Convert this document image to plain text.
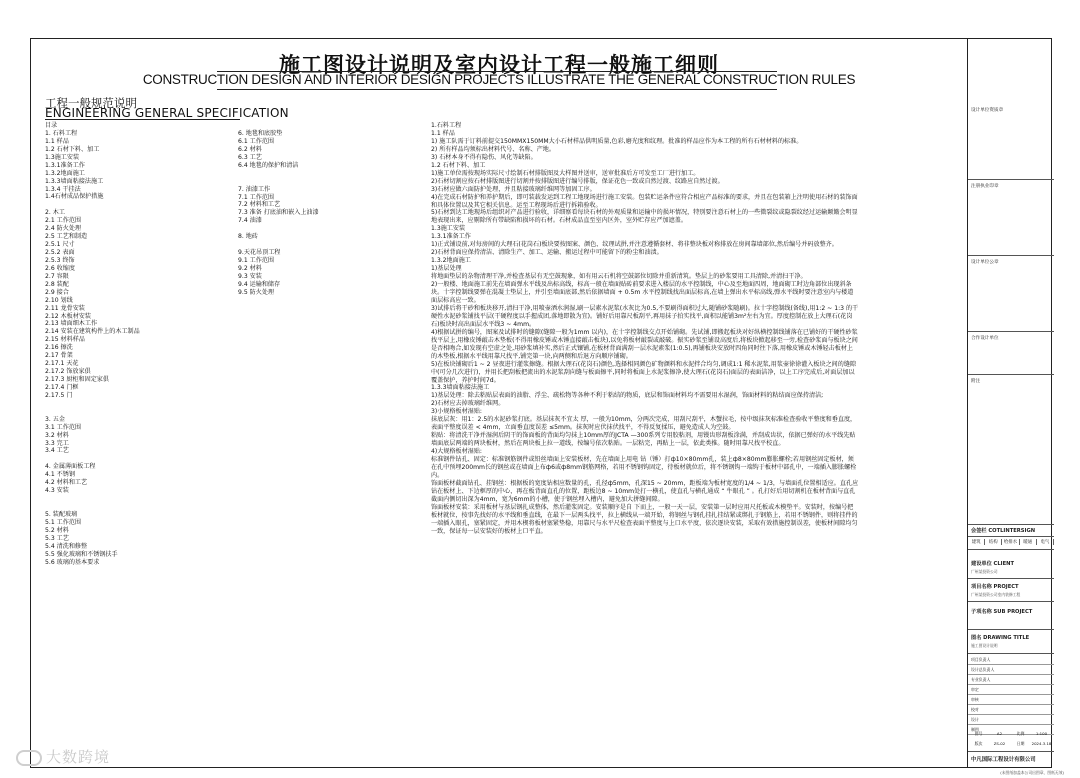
施工图设计说明及室内设计工程一般施工细则
CONSTRUCTION DESIGN AND INTERIOR DESIGN PROJECTS ILLUSTRATE THE GENERAL CONSTRUCTION RULES
工程一般规范说明
ENGINEERING GENERAL SPECIFICATION
目录
1. 石料工程
1.1 样品
1.2 石材下料、加工
1.3施工安装
1.3.1准备工作
1.3.2地面施工
1.3.3墙面粘接法施工
1.3.4 干挂法
1.4石材成品保护措施
2. 木工
2.1 工作范围
2.4 防火处理
2.5 工艺和制造
2.5.1 尺寸
2.5.2 表面
2.5.3 终饰
2.6 收缩度
2.7 容限
2.8 装配
2.9 接合
2.10 划线
2.11 龙骨安装
2.12 木板材安装
2.13 墙面细木工作
2.14 安装在建筑构件上的木工制品
2.15 材料样品
2.16 擦洗
2.17 骨架
2.17.1 天花
2.17.2 饰放家俱
2.17.3 厨柜和固定家俱
2.17.4 门框
2.17.5 门
3. 五金
3.1 工作范围
3.2 材料
3.3 完工
3.4 工艺
4. 金属薄面板工程
4.1 不锈钢
4.2 材料和工艺
4.3 安装
5. 装配玻璃
5.1 工作范围
5.2 材料
5.3 工艺
5.4 清洗和修整
5.5 强化玻璃和不锈钢扶手
5.6 玻璃的基本要求
6. 地毯和底胶垫
6.1 工作范围
6.2 材料
6.3 工艺
6.4 地毯的保护和清洁
7. 油漆工作
7.1 工作范围
7.2 材料和工艺
7.3 准备 打底油和嵌入上油漆
7.4 油漆
8. 地砖
9.天花吊顶工程
9.1 工作范围
9.2 材料
9.3 安装
9.4 运输和储存
9.5 防火处理
1.石料工程
1.1 样品
1) 施工队需于订料前提交150MMX150MM大小石材样品供明质量,色彩,磨光度和纹理。批准的样品应作为本工程的所有石材材料的标准。
2) 所有样品均须标出材料代号、名称、产地。
3) 石材本身不得有隐伤、风化等缺陷。
1.2 石材下料、加工
1)施工单位需按现场实际尺寸绘制石材排版图及大样图并送审，送审批准后方可发至工厂进行加工。
2)石材切割应按石材排版图进行切割并按排版图进行编号排版，保证花色一致或自然过渡、纹路应自然过渡。
3)石材应做六面防护处理，并且粘接玻璃纤维网等加固工序。
4)在完成石材防护和养护期后，即可装载发运到工程工地现场进行施工安装。包装贮运条件应符合相应产品标准的要求，并且在包装箱上注明使用石材的装饰面和具体位置以及其它相关信息。运至工程现场后进行拆箱验收。
5)石材到达工地现场后组织对产品进行验收，详细察看每块石材的外观质量和运输中的损坏情况，特别要注意石材上的一些微裂纹或隐裂纹经过运输颠簸会明显地表现出来，应剔除所有带缺陷和损坏的石材。石材成品直至室内区外，室外贮存应严加遮盖。
1.3施工安装
1.3.1准备工作
1)正式铺设前,对每房间的大理石(花岗石)板块要按图案、颜色、纹理试拼,并注意遵循套材、将非整块板对称排放在房间靠墙部位,然后编号并码放整齐。
2)石材背面应保持清洁、清除生产、加工、运输、搬运过程中可能留下的粉尘和油渍。
1.3.2地面施工
1)基层处理
将地面垫层的杂物清理干净,并检查基层有无空鼓现象，如有用云石机将空鼓部位切除并重新清筑。垫层上的砂浆要用工具清除,并清扫干净。
2)一般楼、地面施工前先在墙面弹水平线及出标高线，标高一般在墙面贴砖前要求进入楼层的水平控制线，中心及至地面四周，地面砌工时边角部位出现斜条块。十字控制线要弹在混凝土垫层上，并引至墙面底部,然后依据墙面 + 0.5m 水平控制线找出面层标高,在墙上弹出水平标高线,弹水平线时要注意室内与楼道面层标高应一致。
3)试排后将干砂和板块移开,清扫干净,用喷壶洒水润湿,刷一层素水泥浆(水灰比为0.5,不要刷得面积过大,随铺砂浆随刷)。拉十字控制线(备线),用1:2 ~ 1:3 的干硬性水泥砂浆铺找平层(干硬程度以手握成团,落地即散为宜)。铺好后用靠尺板刮平,再用抹子拍实找平,面积以能铺3m²左右为宜。厚度控制在放上大理石(花岗石)板块时高出面层水平线3 ~ 4mm。
4)根据试拼的编号，图案及试排时的缝隙(缝隙一般为1mm 以内)，在十字控制线交点开始铺砌。先试铺,即搬起板块对好纵横控制线铺落在已铺好的干硬性砂浆找平层上,用橡皮锤敲击木垫板(不得用橡皮锤或木锤直接敲击板块),以免将板材敲裂或敲破。振实砂浆至铺设高度后,将板块掀起移至一旁,检查砂浆面与板块之间是否相吻合,如发现有空虚之处,用砂浆填补实,然后正式镶铺,在板材背面满刮一层水泥素浆(1:0.5),再铺板块安放时四角同时往下落,用橡皮锤或木锤轻击板材上的木垫板,根据水平线用靠尺找平,铺完第一块,向两侧和后退方向顺序铺砌。
5)在板块铺砌后1 ~ 2 昼夜进行灌浆擦缝。根据大理石(花岗石)颜色,选择相同颜色矿物颜料和水泥拌合均匀,调成1:1 稀水泥浆,用浆壶徐徐灌入板块之间的缝隙中(可分几次进行)，并用长把刮板把流出的水泥浆刮向缝与板面擦平,同时将板面上水泥浆擦净,使大理石(花岗石)面层的表面洁净，以上工序完成后,对面层加以覆盖保护，养护时间7d。
1.3.3墙面粘接法施工
1)基层处理：除去粘贴层表面的油脂、浮尘、疏松物等各种不利于粘结的物质，底层和饰面材料均不需要用水湿润，饰面材料的粘结面应保持清洁;
2)石材应去掉玻璃纤维网。
3)小规格板材湿贴:
抹底层灰：用1：2.5的水泥砂浆打底。基层抹灰不宜太 厚，一般为10mm，分两次完成，用刮尺刮平，木蟹拉毛，按中级抹灰标准检查验收平整度和垂直度，表面平整度误差 < 4mm，立面垂直度误差 ≤5mm。抹灰时应伏抹伏找平，不得反复揉压，避免造成人为空鼓。
粘贴：将清洗干净并湿润后阴干的饰面板的背面均匀抹上10mm厚的JCTA —300系列专用胶粘剂，用镘齿形刮板涂满，并刮成齿状，依据已弹好的水平线先贴墙面底层两端的两块板材，然后在两块板上拉一道线，按编号依次粘贴。一层粘完，再贴上一层，依此类推。随时用靠尺找平校直。
4)大规格板材湿贴:
标准钢件钻孔、固定：标准钢筋钢件或铅丝墙面上安装板材，先在墙面上用电 钻（锤）打ф10×80mm孔，装上ф8×80mm膨胀螺栓;若用钢丝固定板材，须在孔中预埋200mm长的钢丝或在墙面上布ф6或ф8mm钢筋网格，若用不锈钢钩固定，待板材就位后，将不锈钢钩一端钩于板材中部孔中，一端插入膨胀螺栓内。
饰面板材截面钻孔、挂钢丝：根据板的宽度钻相应数量的孔，孔径ф5mm，孔深15 ~ 20mm，距板端为板材宽度的1/4 ~ 1/3，与墙面孔位置相适应。直孔应钻在板材上、下边框厚的中心，再在板背面直孔的位置，距板边8 ~ 10mm处打一横孔，使直孔与横孔通成 “ 牛眼孔 ” 。孔打好后用切割机在板材背面与直孔截面内侧切出深为4mm，宽为6mm的小槽，使于钢丝埋入槽内，避免加大拼缝间隙。
饰面板材安装：采用板材与基层钢扎成整体，然后灌浆固定。安装顺序是自 下而上，一般一天一层，安装第一层时应用尺托板或木模垫平。安装时，按编号把板材就位，按事先找好的水平线和垂直线，在最下一层两头找平，拉上横线从一端开始，将钢丝与钢孔挂扎挂结紧或绑扎于钢筋上，若用不锈钢件，则将挂件的一端插入眼孔，塞紧固定，并用木楔将板材塞紧垫稳，用靠尺与水平尺检查表面平整度与上口水平度，依次逐块安装，采取有效措施控制误差，使板材间隙均匀一致，保证每一层安装好的板材上口平直。
设计单位资质章
注册执业印章
设计单位公章
合作设计单位
附注
会签栏 COTLINTERSIGN
建筑	结构	给排水	暖通	电气
建设单位 CLIENT
广州某投资公司
项目名称 PROJECT
广州某投资公司室内装修工程
子项名称 SUB PROJECT
图名 DRAWING TITLE
施工图设计说明
项目负责人
设计总负责人
专业负责人
审定
审核
校对
设计
制图
图号	A2	比例	1:100
版次	ZS-02	日期	2024.3.18
中凡国际工程设计有限公司
大数跨境
(未图纸加盖本公司出图章，图纸无效)
